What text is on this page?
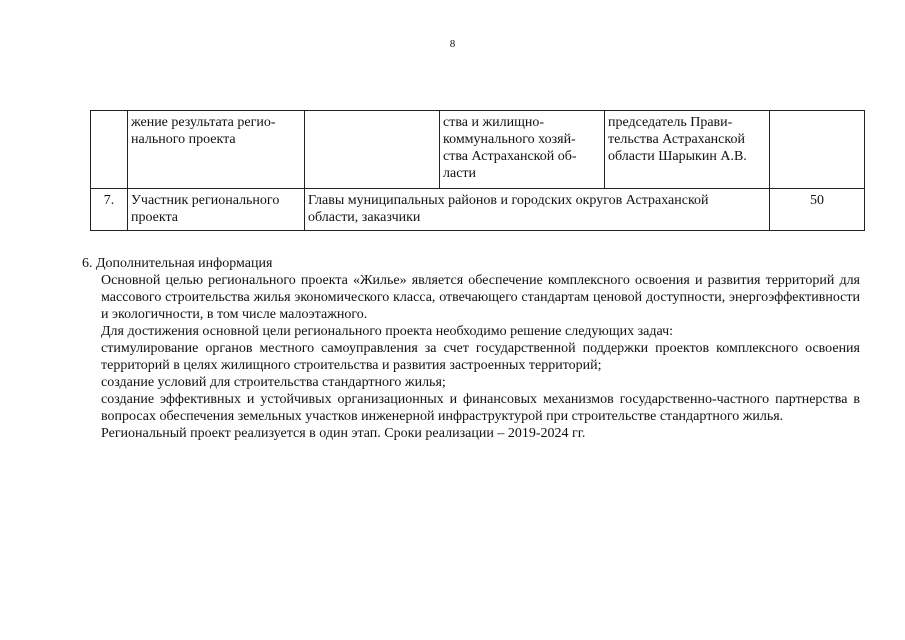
8
	жение результата регио-
нального проекта		ства и жилищно-
коммунального хозяй-
ства Астраханской об-
ласти	председатель Прави-
тельства Астраханской
области Шарыкин А.В.	
7.	Участник регионального
проекта	Главы муниципальных районов и городских округов Астраханской
области, заказчики			50

6. Дополнительная информация

Основной целью регионального проекта «Жилье» является обеспечение комплексного освоения и развития территорий для массового строительства жилья экономического класса, отвечающего стандартам ценовой доступности, энергоэффективности и экологичности, в том числе малоэтажного.

Для достижения основной цели регионального проекта необходимо решение следующих задач:

стимулирование органов местного самоуправления за счет государственной поддержки проектов комплексного освоения территорий в целях жилищного строительства и развития застроенных территорий;

создание условий для строительства стандартного жилья;

создание эффективных и устойчивых организационных и финансовых механизмов государственно-частного партнерства в вопросах обеспечения земельных участков инженерной инфраструктурой при строительстве стандартного жилья.

Региональный проект реализуется в один этап. Сроки реализации – 2019-2024 гг.
